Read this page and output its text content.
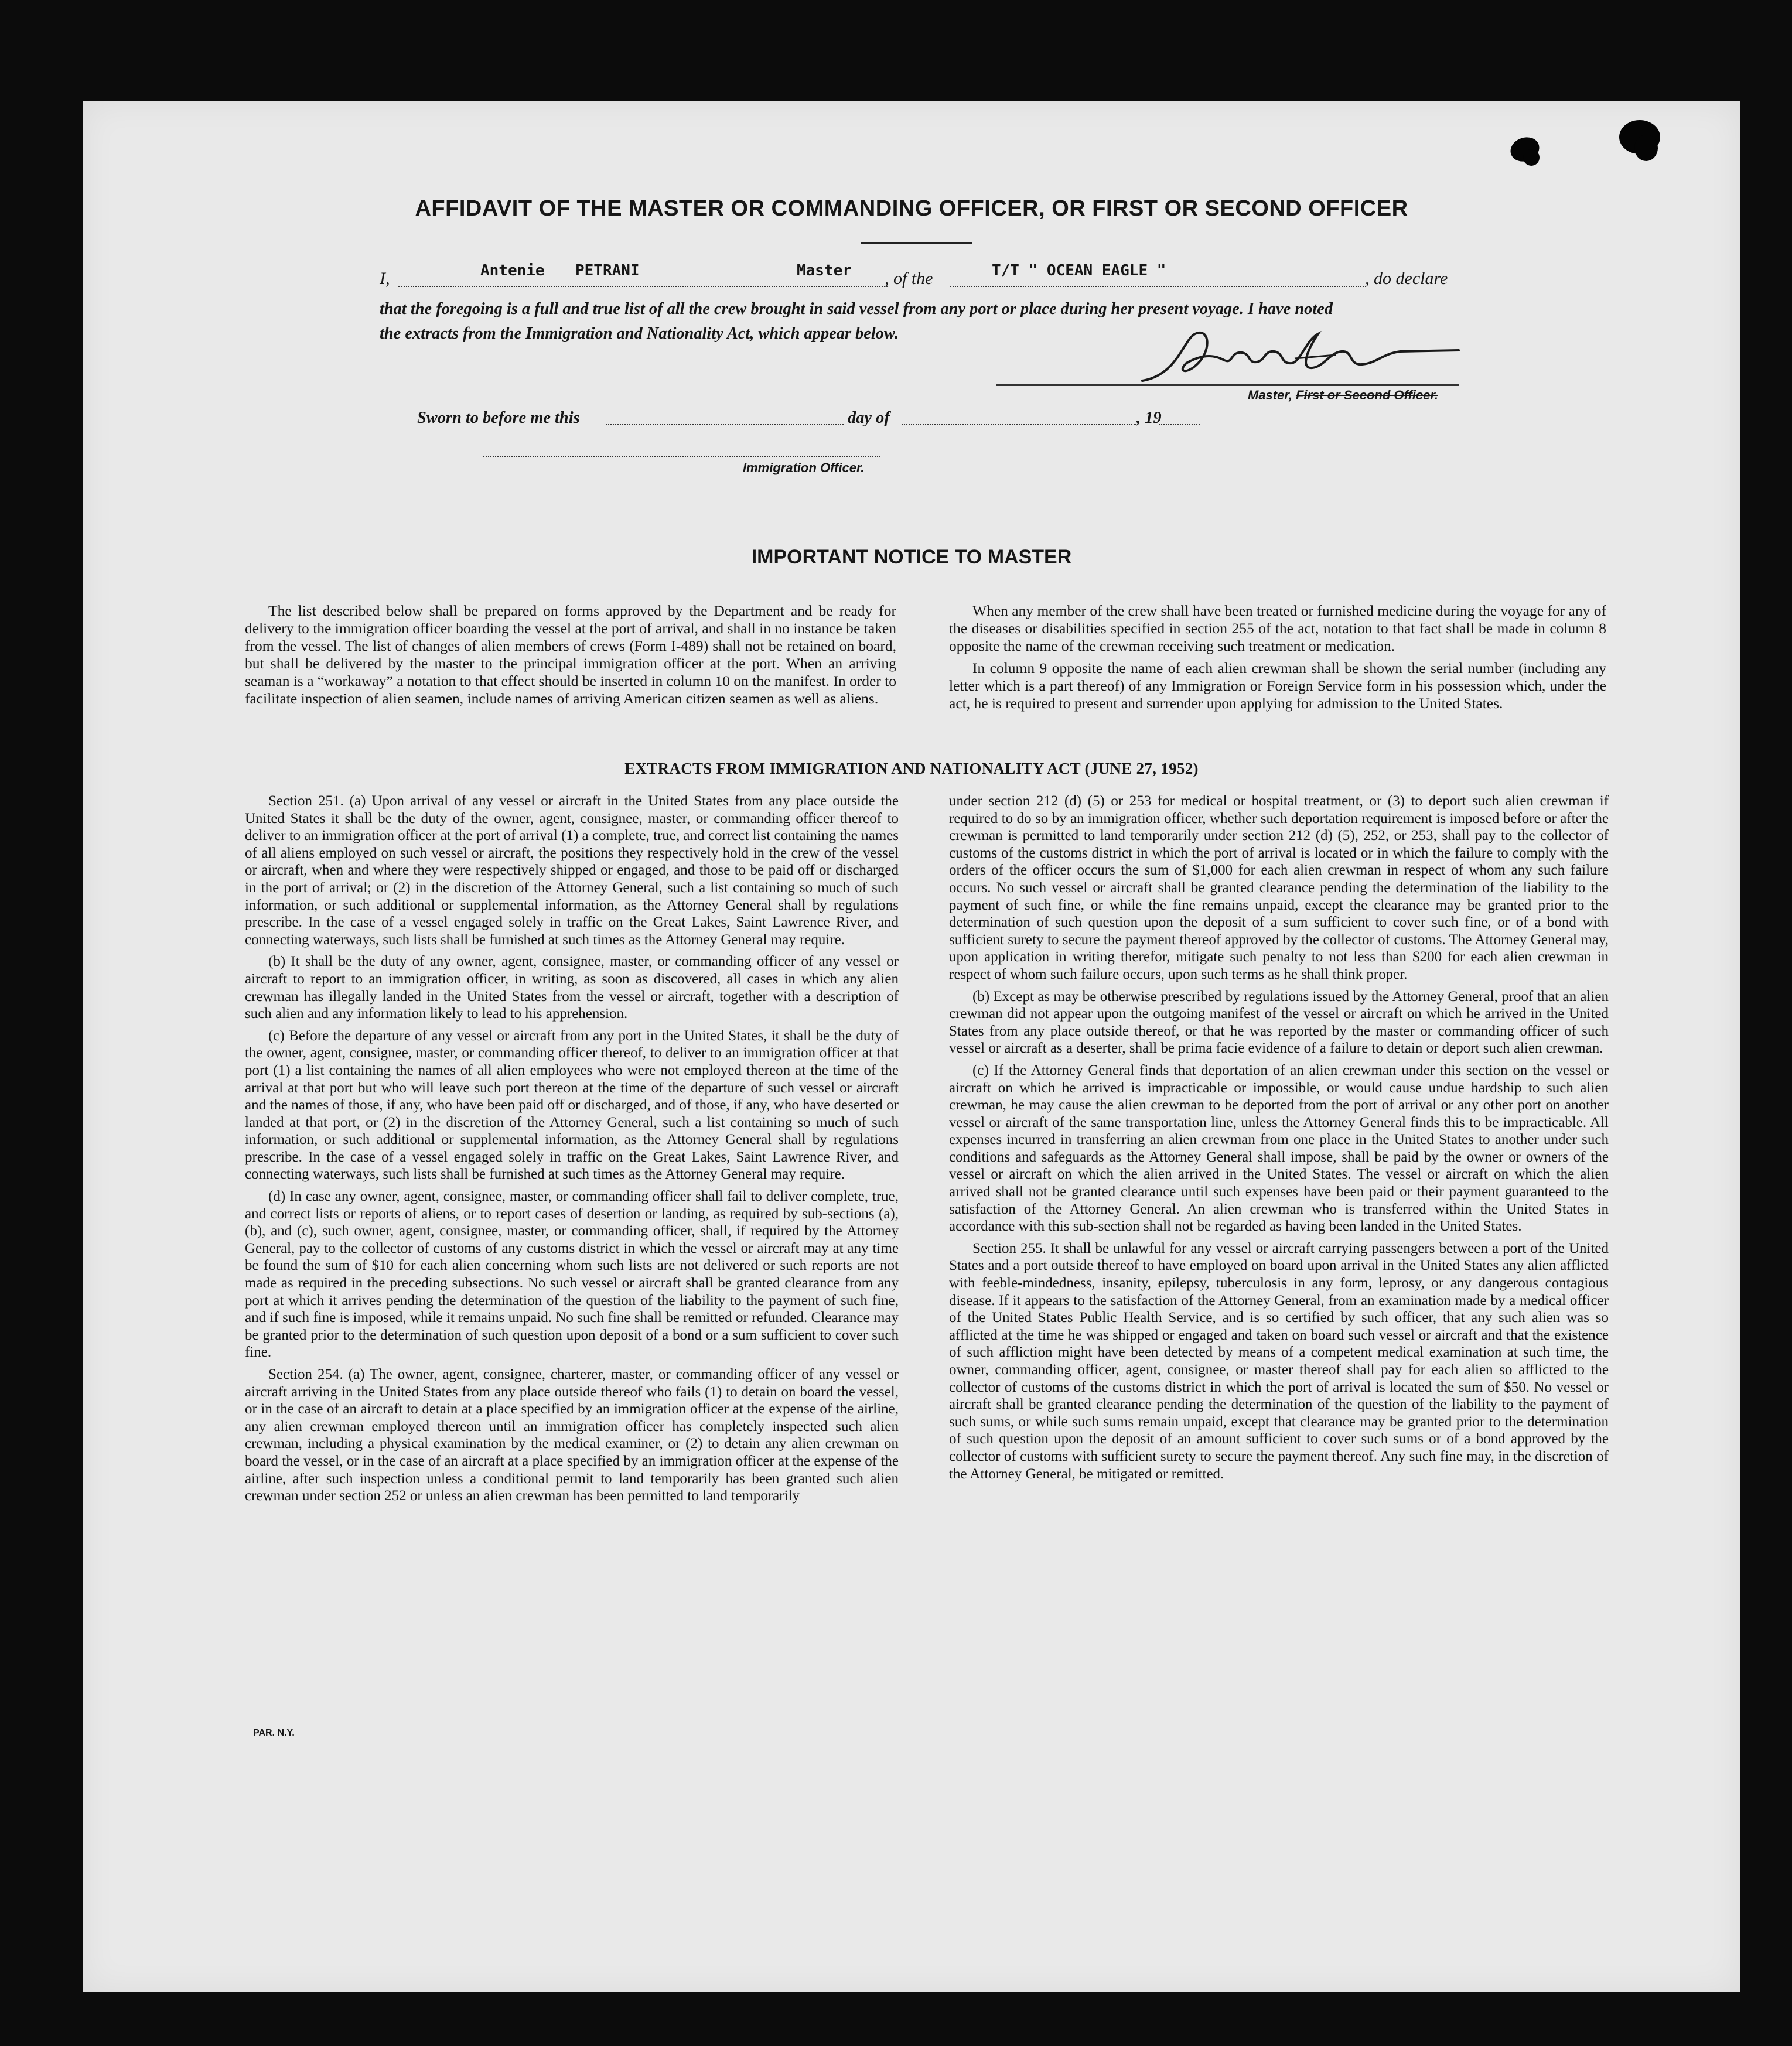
AFFIDAVIT OF THE MASTER OR COMMANDING OFFICER, OR FIRST OR SECOND OFFICER
I,	Antenie PETRANI	Master , of the	T/T " OCEAN EAGLE "	, do declare
that the foregoing is a full and true list of all the crew brought in said vessel from any port or place during her present voyage. I have noted
the extracts from the Immigration and Nationality Act, which appear below.
Master, First or Second Officer.
Sworn to before me this	day of	, 19
Immigration Officer.
IMPORTANT NOTICE TO MASTER

The list described below shall be prepared on forms approved by the Department and be ready for delivery to the immigration officer boarding the vessel at the port of arrival, and shall in no instance be taken from the vessel. The list of changes of alien members of crews (Form I-489) shall not be retained on board, but shall be delivered by the master to the principal immigration officer at the port. When an arriving seaman is a “workaway” a notation to that effect should be inserted in column 10 on the manifest. In order to facilitate inspection of alien seamen, include names of arriving American citizen seamen as well as aliens.

When any member of the crew shall have been treated or furnished medicine during the voyage for any of the diseases or disabilities specified in section 255 of the act, notation to that fact shall be made in column 8 opposite the name of the crewman receiving such treatment or medication.

In column 9 opposite the name of each alien crewman shall be shown the serial number (including any letter which is a part thereof) of any Immigration or Foreign Service form in his possession which, under the act, he is required to present and surrender upon applying for admission to the United States.

EXTRACTS FROM IMMIGRATION AND NATIONALITY ACT (JUNE 27, 1952)

Section 251. (a) Upon arrival of any vessel or aircraft in the United States from any place outside the United States it shall be the duty of the owner, agent, consignee, master, or commanding officer thereof to deliver to an immigration officer at the port of arrival (1) a complete, true, and correct list containing the names of all aliens employed on such vessel or aircraft, the positions they respectively hold in the crew of the vessel or aircraft, when and where they were respectively shipped or engaged, and those to be paid off or discharged in the port of arrival; or (2) in the discretion of the Attorney General, such a list containing so much of such information, or such additional or supplemental information, as the Attorney General shall by regulations prescribe. In the case of a vessel engaged solely in traffic on the Great Lakes, Saint Lawrence River, and connecting waterways, such lists shall be furnished at such times as the Attorney General may require.

(b) It shall be the duty of any owner, agent, consignee, master, or commanding officer of any vessel or aircraft to report to an immigration officer, in writing, as soon as discovered, all cases in which any alien crewman has illegally landed in the United States from the vessel or aircraft, together with a description of such alien and any information likely to lead to his apprehension.

(c) Before the departure of any vessel or aircraft from any port in the United States, it shall be the duty of the owner, agent, consignee, master, or commanding officer thereof, to deliver to an immigration officer at that port (1) a list containing the names of all alien employees who were not employed thereon at the time of the arrival at that port but who will leave such port thereon at the time of the departure of such vessel or aircraft and the names of those, if any, who have been paid off or discharged, and of those, if any, who have deserted or landed at that port, or (2) in the discretion of the Attorney General, such a list containing so much of such information, or such additional or supplemental information, as the Attorney General shall by regulations prescribe. In the case of a vessel engaged solely in traffic on the Great Lakes, Saint Lawrence River, and connecting waterways, such lists shall be furnished at such times as the Attorney General may require.

(d) In case any owner, agent, consignee, master, or commanding officer shall fail to deliver complete, true, and correct lists or reports of aliens, or to report cases of desertion or landing, as required by sub-sections (a), (b), and (c), such owner, agent, consignee, master, or commanding officer, shall, if required by the Attorney General, pay to the collector of customs of any customs district in which the vessel or aircraft may at any time be found the sum of $10 for each alien concerning whom such lists are not delivered or such reports are not made as required in the preceding subsections. No such vessel or aircraft shall be granted clearance from any port at which it arrives pending the determination of the question of the liability to the payment of such fine, and if such fine is imposed, while it remains unpaid. No such fine shall be remitted or refunded. Clearance may be granted prior to the determination of such question upon deposit of a bond or a sum sufficient to cover such fine.

Section 254. (a) The owner, agent, consignee, charterer, master, or commanding officer of any vessel or aircraft arriving in the United States from any place outside thereof who fails (1) to detain on board the vessel, or in the case of an aircraft to detain at a place specified by an immigration officer at the expense of the airline, any alien crewman employed thereon until an immigration officer has completely inspected such alien crewman, including a physical examination by the medical examiner, or (2) to detain any alien crewman on board the vessel, or in the case of an aircraft at a place specified by an immigration officer at the expense of the airline, after such inspection unless a conditional permit to land temporarily has been granted such alien crewman under section 252 or unless an alien crewman has been permitted to land temporarily

under section 212 (d) (5) or 253 for medical or hospital treatment, or (3) to deport such alien crewman if required to do so by an immigration officer, whether such deportation requirement is imposed before or after the crewman is permitted to land temporarily under section 212 (d) (5), 252, or 253, shall pay to the collector of customs of the customs district in which the port of arrival is located or in which the failure to comply with the orders of the officer occurs the sum of $1,000 for each alien crewman in respect of whom any such failure occurs. No such vessel or aircraft shall be granted clearance pending the determination of the liability to the payment of such fine, or while the fine remains unpaid, except the clearance may be granted prior to the determination of such question upon the deposit of a sum sufficient to cover such fine, or of a bond with sufficient surety to secure the payment thereof approved by the collector of customs. The Attorney General may, upon application in writing therefor, mitigate such penalty to not less than $200 for each alien crewman in respect of whom such failure occurs, upon such terms as he shall think proper.

(b) Except as may be otherwise prescribed by regulations issued by the Attorney General, proof that an alien crewman did not appear upon the outgoing manifest of the vessel or aircraft on which he arrived in the United States from any place outside thereof, or that he was reported by the master or commanding officer of such vessel or aircraft as a deserter, shall be prima facie evidence of a failure to detain or deport such alien crewman.

(c) If the Attorney General finds that deportation of an alien crewman under this section on the vessel or aircraft on which he arrived is impracticable or impossible, or would cause undue hardship to such alien crewman, he may cause the alien crewman to be deported from the port of arrival or any other port on another vessel or aircraft of the same transportation line, unless the Attorney General finds this to be impracticable. All expenses incurred in transferring an alien crewman from one place in the United States to another under such conditions and safeguards as the Attorney General shall impose, shall be paid by the owner or owners of the vessel or aircraft on which the alien arrived in the United States. The vessel or aircraft on which the alien arrived shall not be granted clearance until such expenses have been paid or their payment guaranteed to the satisfaction of the Attorney General. An alien crewman who is transferred within the United States in accordance with this sub-section shall not be regarded as having been landed in the United States.

Section 255. It shall be unlawful for any vessel or aircraft carrying passengers between a port of the United States and a port outside thereof to have employed on board upon arrival in the United States any alien afflicted with feeble-mindedness, insanity, epilepsy, tuberculosis in any form, leprosy, or any dangerous contagious disease. If it appears to the satisfaction of the Attorney General, from an examination made by a medical officer of the United States Public Health Service, and is so certified by such officer, that any such alien was so afflicted at the time he was shipped or engaged and taken on board such vessel or aircraft and that the existence of such affliction might have been detected by means of a competent medical examination at such time, the owner, commanding officer, agent, consignee, or master thereof shall pay for each alien so afflicted to the collector of customs of the customs district in which the port of arrival is located the sum of $50. No vessel or aircraft shall be granted clearance pending the determination of the question of the liability to the payment of such sums, or while such sums remain unpaid, except that clearance may be granted prior to the determination of such question upon the deposit of an amount sufficient to cover such sums or of a bond approved by the collector of customs with sufficient surety to secure the payment thereof. Any such fine may, in the discretion of the Attorney General, be mitigated or remitted.

PAR. N.Y.
